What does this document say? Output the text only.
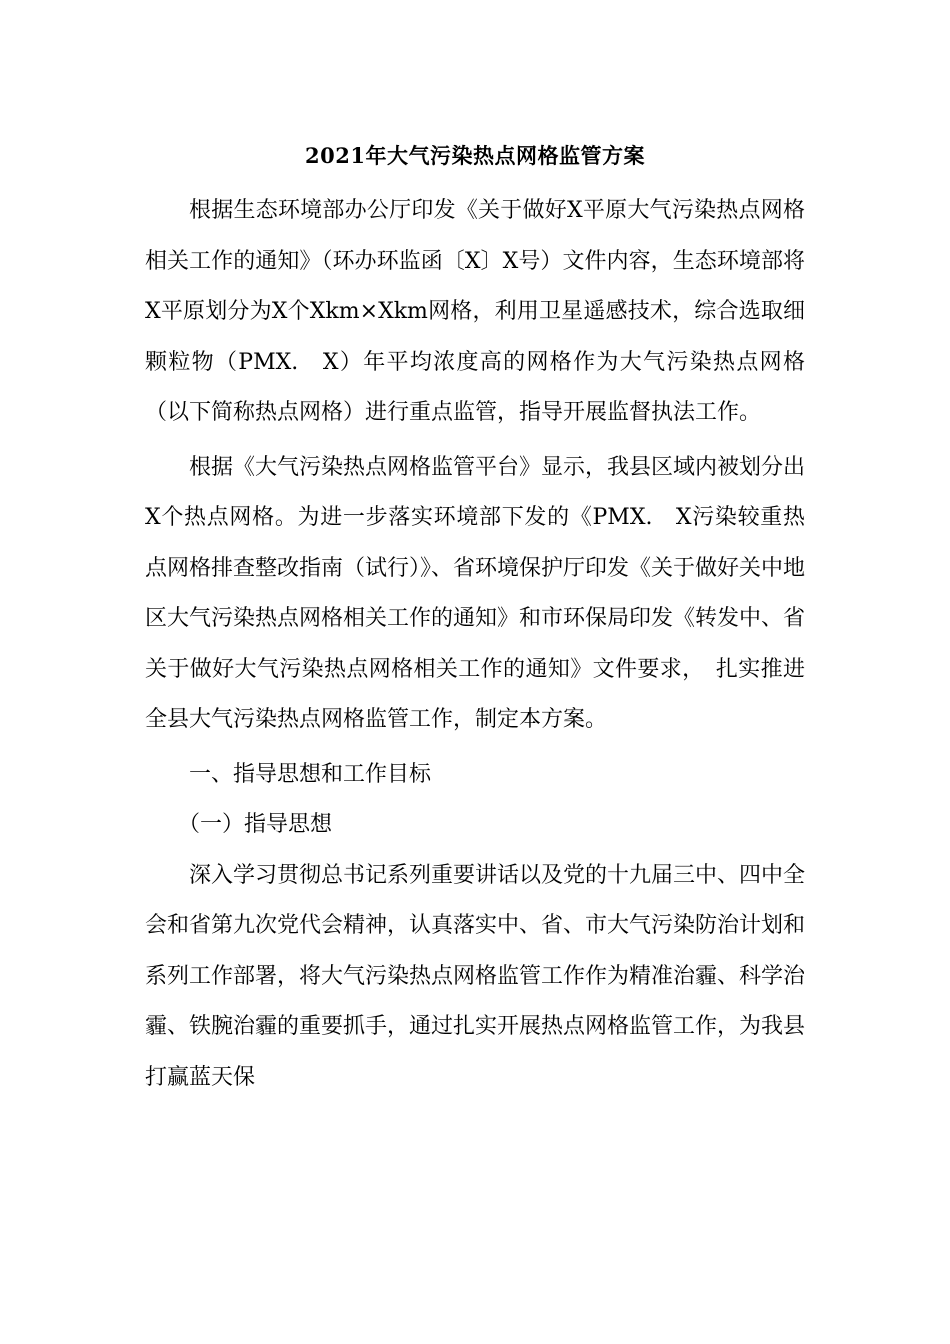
2021年大气污染热点网格监管方案

根据生态环境部办公厅印发《关于做好X平原大气污染热点网格相关工作的通知》（环办环监函〔X〕X号）文件内容，生态环境部将X平原划分为X个Xkm×Xkm网格，利用卫星遥感技术，综合选取细颗粒物（PMX.　X）年平均浓度高的网格作为大气污染热点网格（以下简称热点网格）进行重点监管，指导开展监督执法工作。

根据《大气污染热点网格监管平台》显示，我县区域内被划分出X个热点网格。为进一步落实环境部下发的《PMX.　X污染较重热点网格排查整改指南（试行）》、省环境保护厅印发《关于做好关中地区大气污染热点网格相关工作的通知》和市环保局印发《转发中、省关于做好大气污染热点网格相关工作的通知》文件要求，　扎实推进全县大气污染热点网格监管工作，制定本方案。

一、指导思想和工作目标

（一）指导思想

深入学习贯彻总书记系列重要讲话以及党的十九届三中、四中全会和省第九次党代会精神，认真落实中、省、市大气污染防治计划和系列工作部署，将大气污染热点网格监管工作作为精准治霾、科学治霾、铁腕治霾的重要抓手，通过扎实开展热点网格监管工作，为我县打赢蓝天保
